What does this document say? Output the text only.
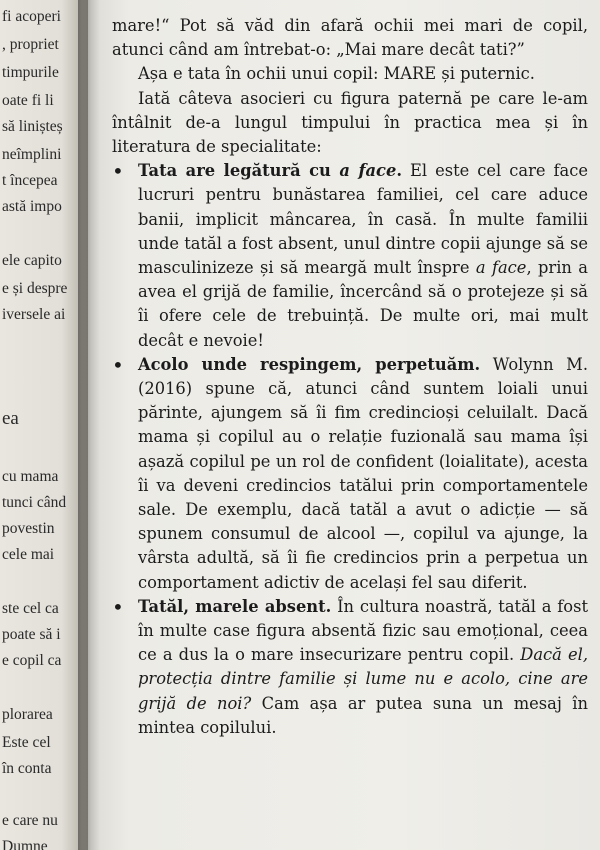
fi acoperi
, propriet
timpurile
oate fi li
să linișteș
neîmplini
t începea
astă impo
ele capito
e și despre
iversele ai
ea
cu mama
tunci când
povestin
cele mai
ste cel ca
poate să i
e copil ca
plorarea
Este cel
în conta
e care nu
Dumne

mare!“ Pot să văd din afară ochii mei mari de copil, atunci când am întrebat-o: „Mai mare decât tati?”

Așa e tata în ochii unui copil: MARE și puternic.

Iată câteva asocieri cu figura paternă pe care le-am întâlnit de-a lungul timpului în practica mea și în literatura de specialitate:

• Tata are legătură cu a face. El este cel care face lucruri pentru bunăstarea familiei, cel care aduce banii, implicit mâncarea, în casă. În multe familii unde tatăl a fost absent, unul dintre copii ajunge să se masculinizeze și să meargă mult înspre a face, prin a avea el grijă de familie, încercând să o protejeze și să îi ofere cele de trebuință. De multe ori, mai mult decât e nevoie!
• Acolo unde respingem, perpetuăm. Wolynn M. (2016) spune că, atunci când suntem loiali unui părinte, ajungem să îi fim credincioși celuilalt. Dacă mama și copilul au o relație fuzională sau mama își așază copilul pe un rol de confident (loialitate), acesta îi va deveni credincios tatălui prin comportamentele sale. De exemplu, dacă tatăl a avut o adicție — să spunem consumul de alcool —, copilul va ajunge, la vârsta adultă, să îi fie credincios prin a perpetua un comportament adictiv de același fel sau diferit.
• Tatăl, marele absent. În cultura noastră, tatăl a fost în multe case figura absentă fizic sau emoțional, ceea ce a dus la o mare insecurizare pentru copil. Dacă el, protecția dintre familie și lume nu e acolo, cine are grijă de noi? Cam așa ar putea suna un mesaj în mintea copilului.
